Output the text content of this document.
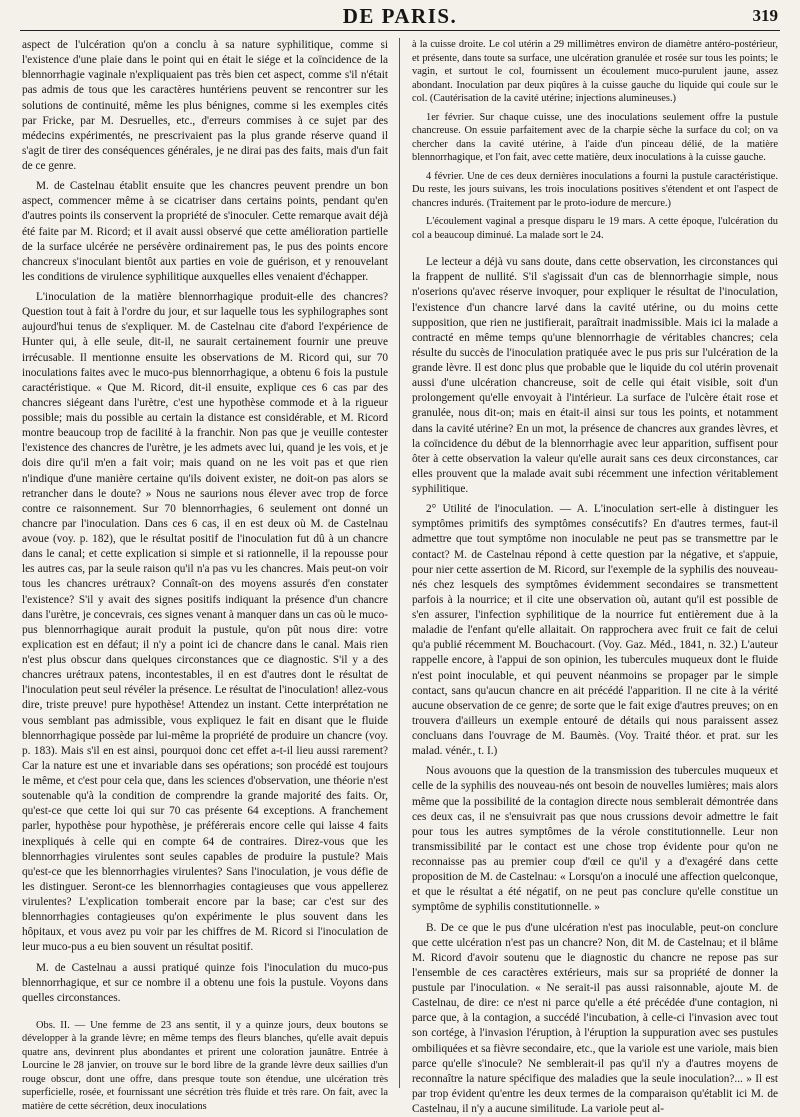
DE PARIS.	319

aspect de l'ulcération qu'on a conclu à sa nature syphilitique, comme si l'existence d'une plaie dans le point qui en était le siége et la coïncidence de la blennorrhagie vaginale n'expliquaient pas très bien cet aspect, comme s'il n'était pas admis de tous que les caractères huntériens peuvent se rencontrer sur les solutions de continuité, même les plus bénignes, comme si les exemples cités par Fricke, par M. Desruelles, etc., d'erreurs commises à ce sujet par des médecins expérimentés, ne prescrivaient pas la plus grande réserve quand il s'agit de tirer des conséquences générales, je ne dirai pas des faits, mais d'un fait de ce genre.

M. de Castelnau établit ensuite que les chancres peuvent prendre un bon aspect, commencer même à se cicatriser dans certains points, pendant qu'en d'autres points ils conservent la propriété de s'inoculer. Cette remarque avait déjà été faite par M. Ricord; et il avait aussi observé que cette amélioration partielle de la surface ulcérée ne persévère ordinairement pas, le pus des points encore chancreux s'inoculant bientôt aux parties en voie de guérison, et y renouvelant les conditions de virulence syphilitique auxquelles elles venaient d'échapper.

L'inoculation de la matière blennorrhagique produit-elle des chancres? Question tout à fait à l'ordre du jour, et sur laquelle tous les syphilographes sont aujourd'hui tenus de s'expliquer. M. de Castelnau cite d'abord l'expérience de Hunter qui, à elle seule, dit-il, ne saurait certainement fournir une preuve irrécusable. Il mentionne ensuite les observations de M. Ricord qui, sur 70 inoculations faites avec le muco-pus blennorrhagique, a obtenu 6 fois la pustule caractéristique. « Que M. Ricord, dit-il ensuite, explique ces 6 cas par des chancres siégeant dans l'urètre, c'est une hypothèse commode et à la rigueur possible; mais du possible au certain la distance est considérable, et M. Ricord montre beaucoup trop de facilité à la franchir. Non pas que je veuille contester l'existence des chancres de l'urètre, je les admets avec lui, quand je les vois, et je dois dire qu'il m'en a fait voir; mais quand on ne les voit pas et que rien n'indique d'une manière certaine qu'ils doivent exister, ne doit-on pas alors se retrancher dans le doute? » Nous ne saurions nous élever avec trop de force contre ce raisonnement. Sur 70 blennorrhagies, 6 seulement ont donné un chancre par l'inoculation. Dans ces 6 cas, il en est deux où M. de Castelnau avoue (voy. p. 182), que le résultat positif de l'inoculation fut dû à un chancre dans le canal; et cette explication si simple et si rationnelle, il la repousse pour les autres cas, par la seule raison qu'il n'a pas vu les chancres. Mais peut-on voir tous les chancres urétraux? Connaît-on des moyens assurés d'en constater l'existence? S'il y avait des signes positifs indiquant la présence d'un chancre dans l'urètre, je concevrais, ces signes venant à manquer dans un cas où le muco-pus blennorrhagique aurait produit la pustule, qu'on pût nous dire: votre explication est en défaut; il n'y a point ici de chancre dans le canal. Mais rien n'est plus obscur dans quelques circonstances que ce diagnostic. S'il y a des chancres urétraux patens, incontestables, il en est d'autres dont le résultat de l'inoculation peut seul révéler la présence. Le résultat de l'inoculation! allez-vous dire, triste preuve! pure hypothèse! Attendez un instant. Cette interprétation ne vous semblant pas admissible, vous expliquez le fait en disant que le fluide blennorrhagique possède par lui-même la propriété de produire un chancre (voy. p. 183). Mais s'il en est ainsi, pourquoi donc cet effet a-t-il lieu aussi rarement? Car la nature est une et invariable dans ses opérations; son procédé est toujours le même, et c'est pour cela que, dans les sciences d'observation, une théorie n'est soutenable qu'à la condition de comprendre la grande majorité des faits. Or, qu'est-ce que cette loi qui sur 70 cas présente 64 exceptions. A franchement parler, hypothèse pour hypothèse, je préférerais encore celle qui laisse 4 faits inexpliqués à celle qui en compte 64 de contraires. Direz-vous que les blennorrhagies virulentes sont seules capables de produire la pustule? Mais qu'est-ce que les blennorrhagies virulentes? Sans l'inoculation, je vous défie de les distinguer. Seront-ce les blennorrhagies contagieuses que vous appellerez virulentes? L'explication tomberait encore par la base; car c'est sur des blennorrhagies contagieuses qu'on expérimente le plus souvent dans les hôpitaux, et vous avez pu voir par les chiffres de M. Ricord si l'inoculation de leur muco-pus a eu bien souvent un résultat positif.

M. de Castelnau a aussi pratiqué quinze fois l'inoculation du muco-pus blennorrhagique, et sur ce nombre il a obtenu une fois la pustule. Voyons dans quelles circonstances.

Obs. II. — Une femme de 23 ans sentit, il y a quinze jours, deux boutons se développer à la grande lèvre; en même temps des fleurs blanches, qu'elle avait depuis quatre ans, devinrent plus abondantes et prirent une coloration jaunâtre. Entrée à Lourcine le 28 janvier, on trouve sur le bord libre de la grande lèvre deux saillies d'un rouge obscur, dont une offre, dans presque toute son étendue, une ulcération très superficielle, rosée, et fournissant une sécrétion très fluide et très rare. On fait, avec la matière de cette sécrétion, deux inoculations

à la cuisse droite. Le col utérin a 29 millimètres environ de diamètre antéro-postérieur, et présente, dans toute sa surface, une ulcération granulée et rosée sur tous les points; le vagin, et surtout le col, fournissent un écoulement muco-purulent jaune, assez abondant. Inoculation par deux piqûres à la cuisse gauche du liquide qui coule sur le col. (Cautérisation de la cavité utérine; injections alumineuses.)

1er février. Sur chaque cuisse, une des inoculations seulement offre la pustule chancreuse. On essuie parfaitement avec de la charpie sèche la surface du col; on va chercher dans la cavité utérine, à l'aide d'un pinceau délié, de la matière blennorrhagique, et l'on fait, avec cette matière, deux inoculations à la cuisse gauche.

4 février. Une de ces deux dernières inoculations a fourni la pustule caractéristique. Du reste, les jours suivans, les trois inoculations positives s'étendent et ont l'aspect de chancres indurés. (Traitement par le proto-iodure de mercure.)

L'écoulement vaginal a presque disparu le 19 mars. A cette époque, l'ulcération du col a beaucoup diminué. La malade sort le 24.

Le lecteur a déjà vu sans doute, dans cette observation, les circonstances qui la frappent de nullité. S'il s'agissait d'un cas de blennorrhagie simple, nous n'oserions qu'avec réserve invoquer, pour expliquer le résultat de l'inoculation, l'existence d'un chancre larvé dans la cavité utérine, ou du moins cette supposition, que rien ne justifierait, paraîtrait inadmissible. Mais ici la malade a contracté en même temps qu'une blennorrhagie de véritables chancres; cela résulte du succès de l'inoculation pratiquée avec le pus pris sur l'ulcération de la grande lèvre. Il est donc plus que probable que le liquide du col utérin provenait aussi d'une ulcération chancreuse, soit de celle qui était visible, soit d'un prolongement qu'elle envoyait à l'intérieur. La surface de l'ulcère était rose et granulée, nous dit-on; mais en était-il ainsi sur tous les points, et notamment dans la cavité utérine? En un mot, la présence de chancres aux grandes lèvres, et la coïncidence du début de la blennorrhagie avec leur apparition, suffisent pour ôter à cette observation la valeur qu'elle aurait sans ces deux circonstances, car elles prouvent que la malade avait subi récemment une infection véritablement syphilitique.

2° Utilité de l'inoculation. — A. L'inoculation sert-elle à distinguer les symptômes primitifs des symptômes consécutifs? En d'autres termes, faut-il admettre que tout symptôme non inoculable ne peut pas se transmettre par le contact? M. de Castelnau répond à cette question par la négative, et s'appuie, pour nier cette assertion de M. Ricord, sur l'exemple de la syphilis des nouveau-nés chez lesquels des symptômes évidemment secondaires se transmettent parfois à la nourrice; et il cite une observation où, autant qu'il est possible de s'en assurer, l'infection syphilitique de la nourrice fut entièrement due à la maladie de l'enfant qu'elle allaitait. On rapprochera avec fruit ce fait de celui qu'a publié récemment M. Bouchacourt. (Voy. Gaz. Méd., 1841, n. 32.) L'auteur rappelle encore, à l'appui de son opinion, les tubercules muqueux dont le fluide n'est point inoculable, et qui peuvent néanmoins se propager par le simple contact, sans qu'aucun chancre en ait précédé l'apparition. Il ne cite à la vérité aucune observation de ce genre; de sorte que le fait exige d'autres preuves; on en trouvera d'ailleurs un exemple entouré de détails qui nous paraissent assez concluans dans l'ouvrage de M. Baumès. (Voy. Traité théor. et prat. sur les malad. vénér., t. I.)

Nous avouons que la question de la transmission des tubercules muqueux et celle de la syphilis des nouveau-nés ont besoin de nouvelles lumières; mais alors même que la possibilité de la contagion directe nous semblerait démontrée dans ces deux cas, il ne s'ensuivrait pas que nous crussions devoir admettre le fait pour tous les autres symptômes de la vérole constitutionnelle. Leur non transmissibilité par le contact est une chose trop évidente pour qu'on ne reconnaisse pas au premier coup d'œil ce qu'il y a d'exagéré dans cette proposition de M. de Castelnau: « Lorsqu'on a inoculé une affection quelconque, et que le résultat a été négatif, on ne peut pas conclure qu'elle constitue un symptôme de syphilis constitutionnelle. »

B. De ce que le pus d'une ulcération n'est pas inoculable, peut-on conclure que cette ulcération n'est pas un chancre? Non, dit M. de Castelnau; et il blâme M. Ricord d'avoir soutenu que le diagnostic du chancre ne repose pas sur l'ensemble de ces caractères extérieurs, mais sur sa propriété de donner la pustule par l'inoculation. « Ne serait-il pas aussi raisonnable, ajoute M. de Castelnau, de dire: ce n'est ni parce qu'elle a été précédée d'une contagion, ni parce que, à la contagion, a succédé l'incubation, à celle-ci l'invasion avec tout son cortége, à l'invasion l'éruption, à l'éruption la suppuration avec ses pustules ombiliquées et sa fièvre secondaire, etc., que la variole est une variole, mais bien parce qu'elle s'inocule? Ne semblerait-il pas qu'il n'y a d'autres moyens de reconnaître la nature spécifique des maladies que la seule inoculation?... » Il est par trop évident qu'entre les deux termes de la comparaison qu'établit ici M. de Castelnau, il n'y a aucune similitude. La variole peut al-
